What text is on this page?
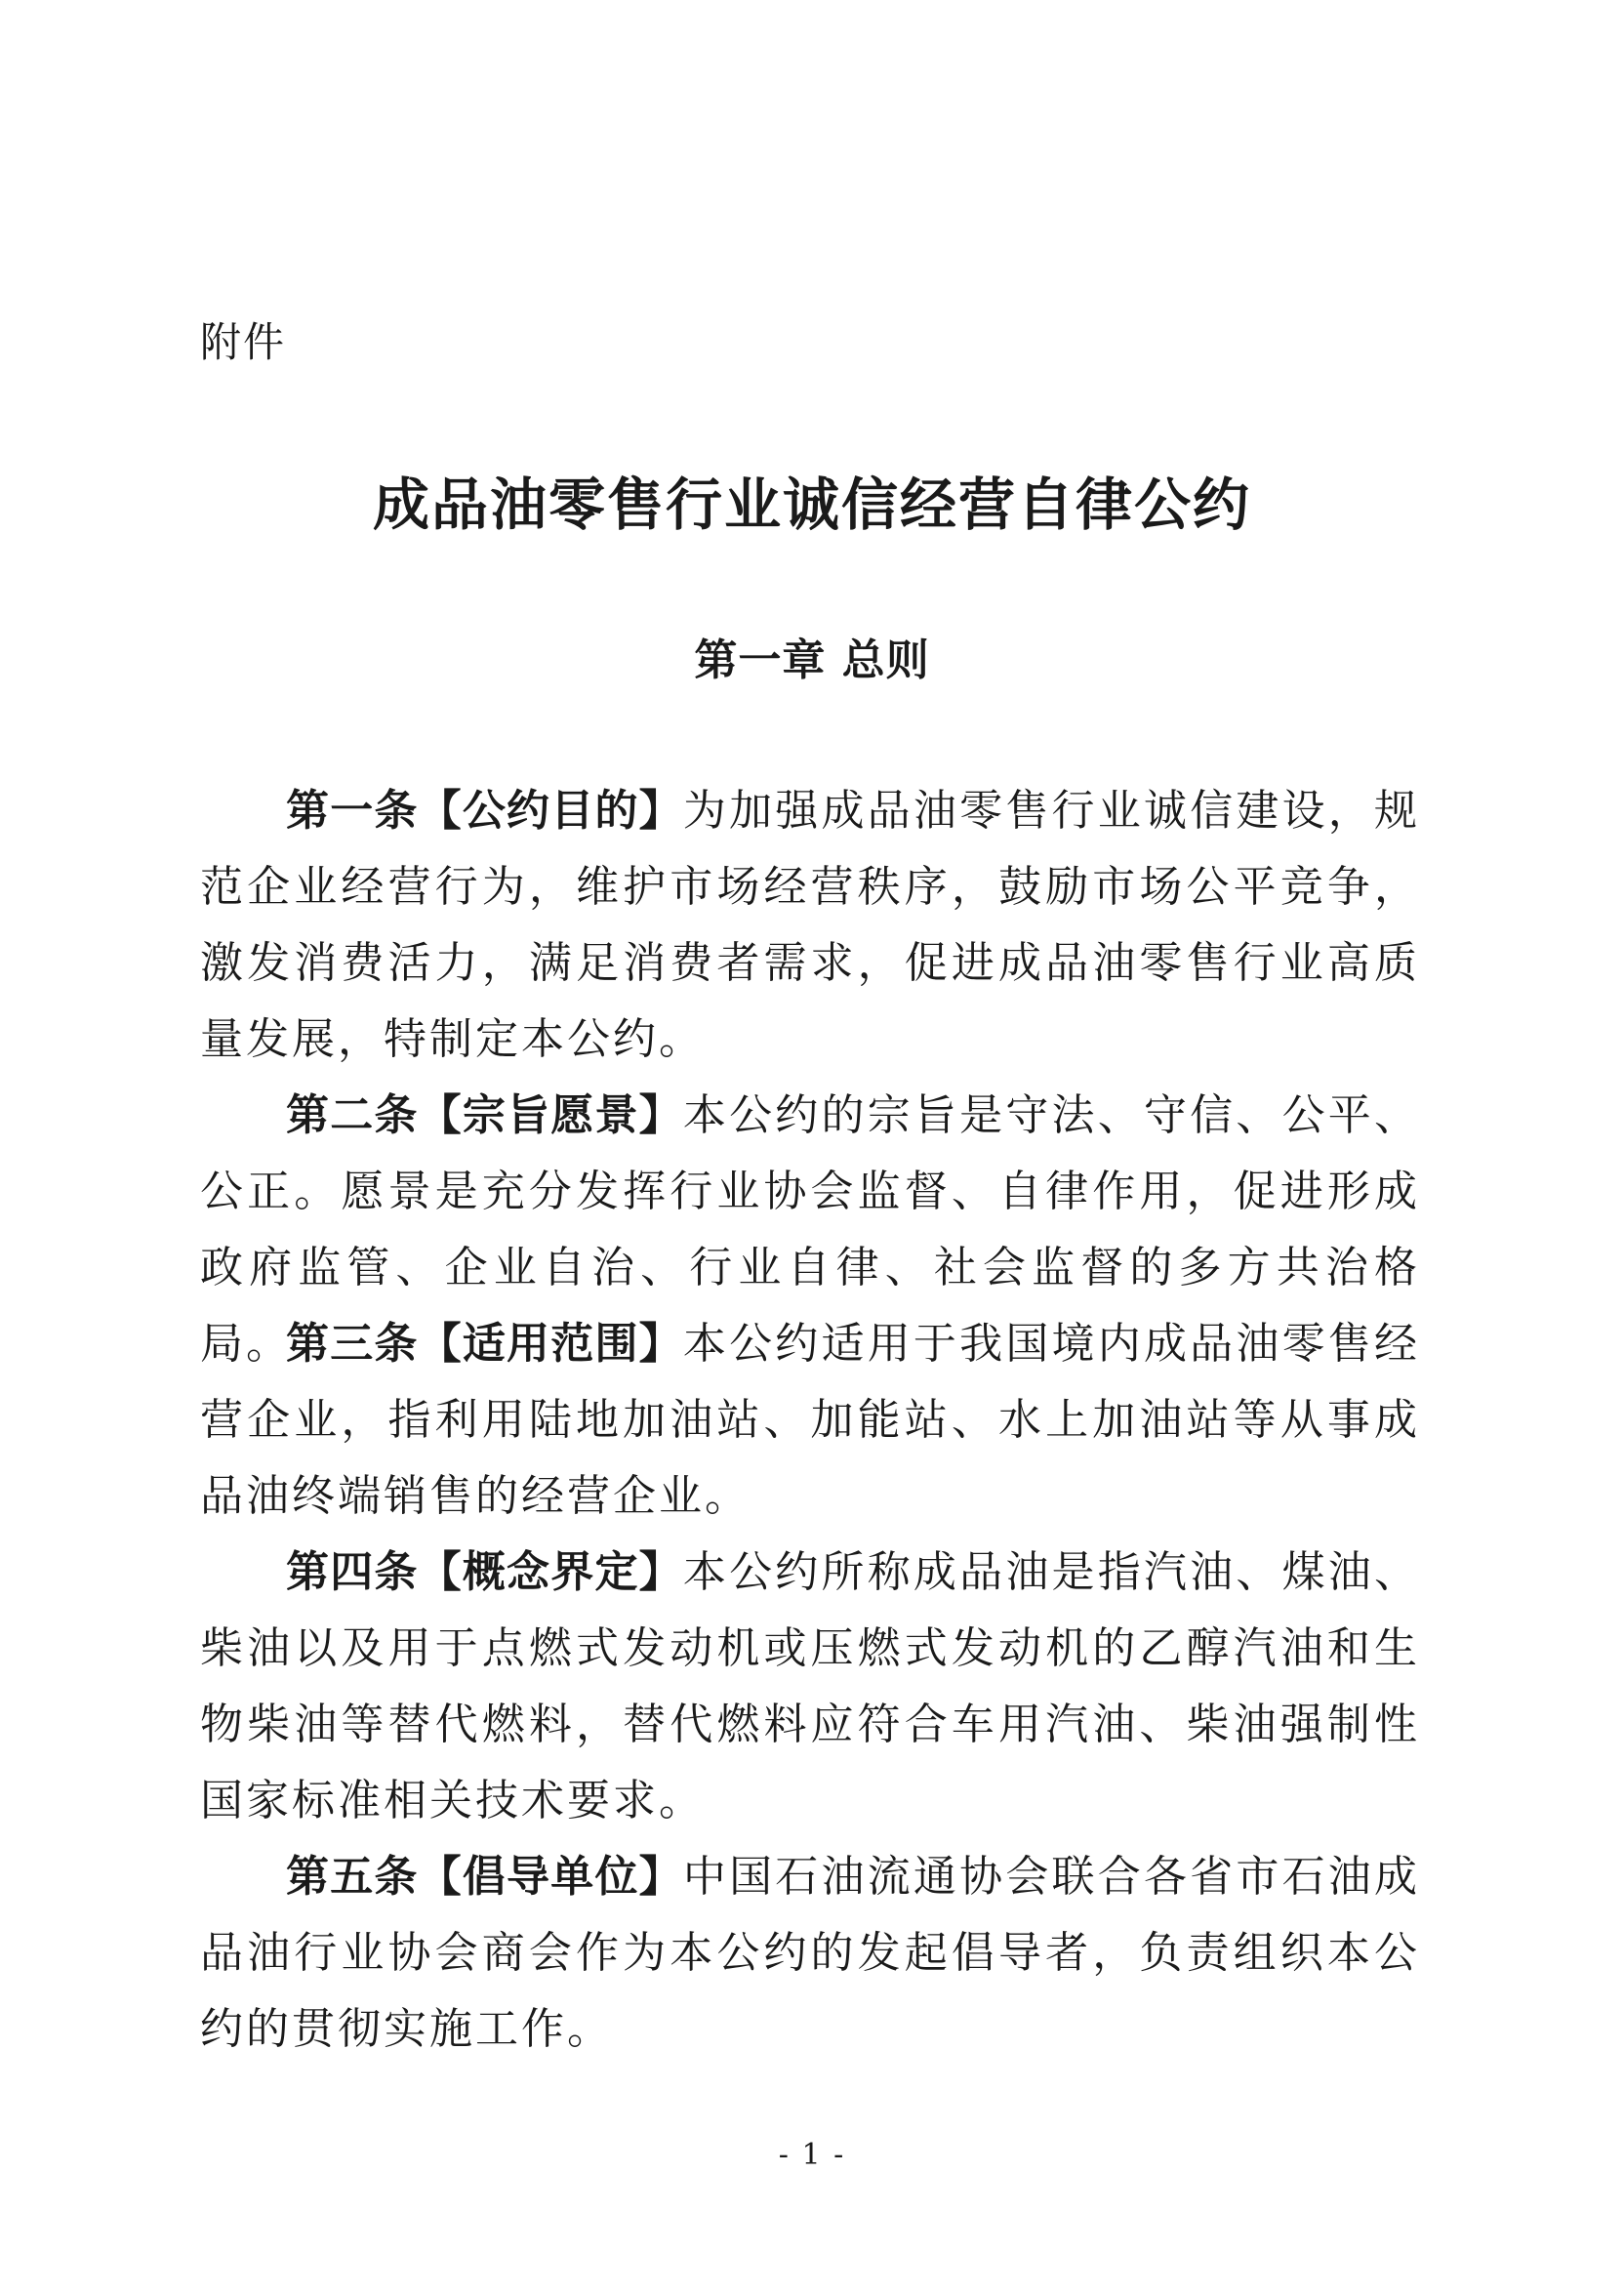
附件
成品油零售行业诚信经营自律公约
第一章 总则

第一条【公约目的】为加强成品油零售行业诚信建设，规范企业经营行为，维护市场经营秩序，鼓励市场公平竞争，激发消费活力，满足消费者需求，促进成品油零售行业高质量发展，特制定本公约。

第二条【宗旨愿景】本公约的宗旨是守法、守信、公平、公正。愿景是充分发挥行业协会监督、自律作用，促进形成政府监管、企业自治、行业自律、社会监督的多方共治格局。

第三条【适用范围】本公约适用于我国境内成品油零售经营企业，指利用陆地加油站、加能站、水上加油站等从事成品油终端销售的经营企业。

第四条【概念界定】本公约所称成品油是指汽油、煤油、柴油以及用于点燃式发动机或压燃式发动机的乙醇汽油和生物柴油等替代燃料，替代燃料应符合车用汽油、柴油强制性国家标准相关技术要求。

第五条【倡导单位】中国石油流通协会联合各省市石油成品油行业协会商会作为本公约的发起倡导者，负责组织本公约的贯彻实施工作。

- 1 -
